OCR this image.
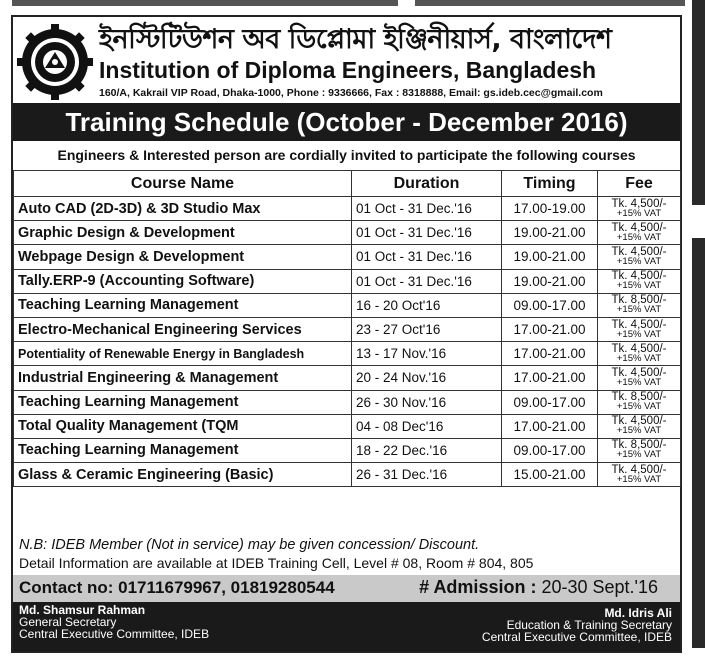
ইনস্টিটিউশন অব ডিপ্লোমা ইঞ্জিনীয়ার্স, বাংলাদেশ
Institution of Diploma Engineers, Bangladesh
160/A, Kakrail VIP Road, Dhaka-1000, Phone : 9336666, Fax : 8318888, Email: gs.ideb.cec@gmail.com
Training Schedule (October - December 2016)
Engineers & Interested person are cordially invited to participate the following courses
Course Name	Duration	Timing	Fee
Auto CAD (2D-3D) & 3D Studio Max	01 Oct - 31 Dec.'16	17.00-19.00	Tk. 4,500/-
+15% VAT

Graphic Design & Development	01 Oct - 31 Dec.'16	19.00-21.00	Tk. 4,500/-
+15% VAT

Webpage Design & Development	01 Oct - 31 Dec.'16	19.00-21.00	Tk. 4,500/-
+15% VAT

Tally.ERP-9 (Accounting Software)	01 Oct - 31 Dec.'16	19.00-21.00	Tk. 4,500/-
+15% VAT

Teaching Learning Management	16 - 20 Oct'16	09.00-17.00	Tk. 8,500/-
+15% VAT

Electro-Mechanical Engineering Services	23 - 27 Oct'16	17.00-21.00	Tk. 4,500/-
+15% VAT

Potentiality of Renewable Energy in Bangladesh	13 - 17 Nov.'16	17.00-21.00	Tk. 4,500/-
+15% VAT

Industrial Engineering & Management	20 - 24 Nov.'16	17.00-21.00	Tk. 4,500/-
+15% VAT

Teaching Learning Management	26 - 30 Nov.'16	09.00-17.00	Tk. 8,500/-
+15% VAT

Total Quality Management (TQM	04 - 08 Dec'16	17.00-21.00	Tk. 4,500/-
+15% VAT

Teaching Learning Management	18 - 22 Dec.'16	09.00-17.00	Tk. 8,500/-
+15% VAT

Glass & Ceramic Engineering (Basic)	26 - 31 Dec.'16	15.00-21.00	Tk. 4,500/-
+15% VAT
N.B: IDEB Member (Not in service) may be given concession/ Discount.
Detail Information are available at IDEB Training Cell, Level # 08, Room # 804, 805
Contact no: 01711679967, 01819280544	# Admission : 20-30 Sept.'16
Md. Shamsur Rahman
General Secretary
Central Executive Committee, IDEB
Md. Idris Ali
Education & Training Secretary
Central Executive Committee, IDEB
